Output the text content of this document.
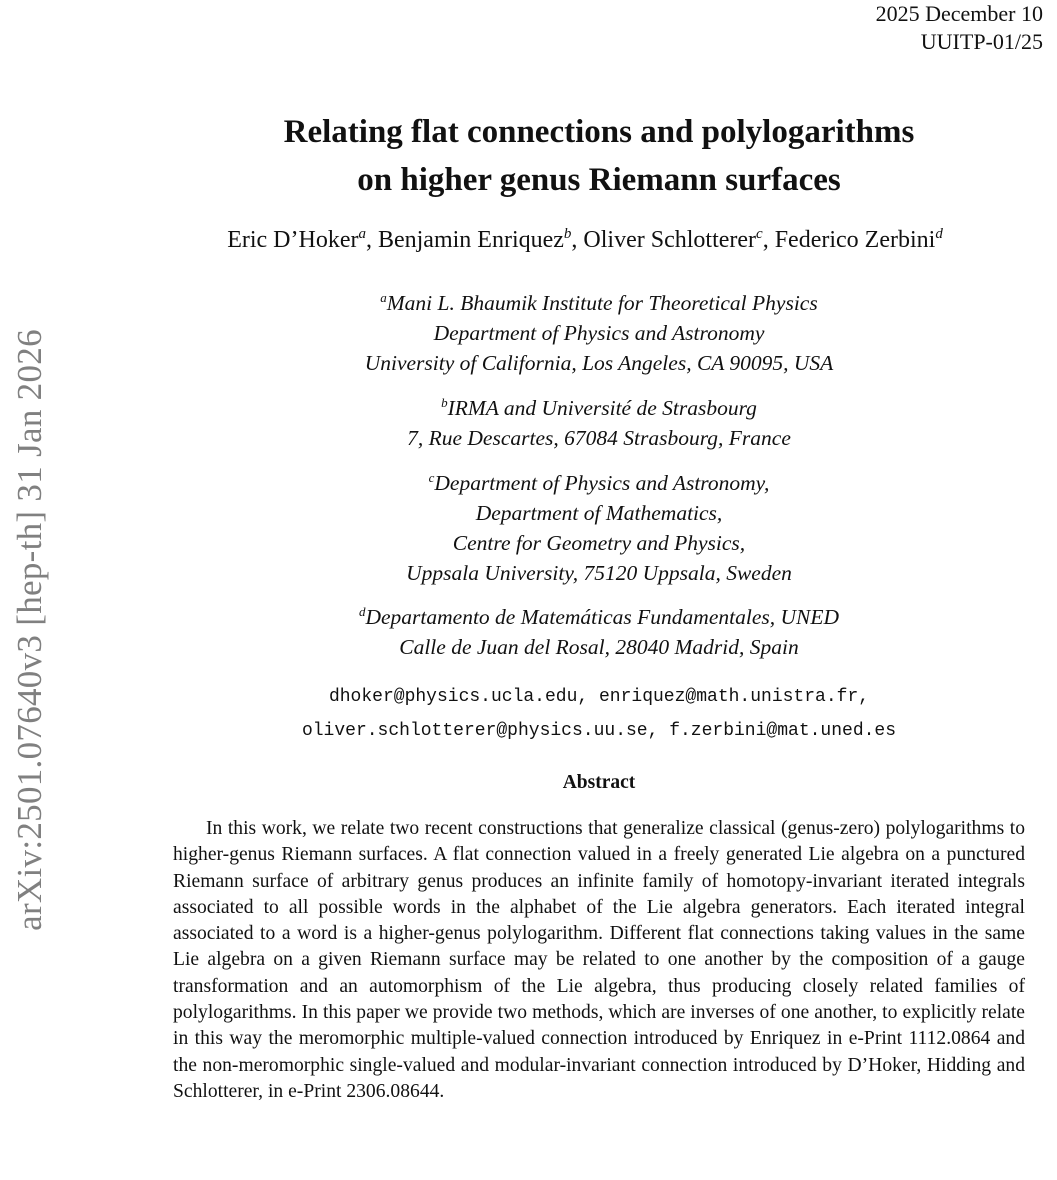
2025 December 10
UUITP-01/25
arXiv:2501.07640v3 [hep-th] 31 Jan 2026
Relating flat connections and polylogarithms
on higher genus Riemann surfaces
Eric D’Hoker$^a$, Benjamin Enriquez$^b$, Oliver Schlotterer$^c$, Federico Zerbini$^d$
$^a$Mani L. Bhaumik Institute for Theoretical Physics
Department of Physics and Astronomy
University of California, Los Angeles, CA 90095, USA
$^b$IRMA and Université de Strasbourg
7, Rue Descartes, 67084 Strasbourg, France
$^c$Department of Physics and Astronomy,
Department of Mathematics,
Centre for Geometry and Physics,
Uppsala University, 75120 Uppsala, Sweden
$^d$Departamento de Matemáticas Fundamentales, UNED
Calle de Juan del Rosal, 28040 Madrid, Spain
dhoker@physics.ucla.edu, enriquez@math.unistra.fr,
oliver.schlotterer@physics.uu.se, f.zerbini@mat.uned.es
Abstract
In this work, we relate two recent constructions that generalize classical (genus-zero) polylogarithms to higher-genus Riemann surfaces. A flat connection valued in a freely generated Lie algebra on a punctured Riemann surface of arbitrary genus produces an infinite family of homotopy-invariant iterated integrals associated to all possible words in the alphabet of the Lie algebra generators. Each iterated integral associated to a word is a higher-genus polylogarithm. Different flat connections taking values in the same Lie algebra on a given Riemann surface may be related to one another by the composition of a gauge transformation and an automorphism of the Lie algebra, thus producing closely related families of polylogarithms. In this paper we provide two methods, which are inverses of one another, to explicitly relate in this way the meromorphic multiple-valued connection introduced by Enriquez in e-Print 1112.0864 and the non-meromorphic single-valued and modular-invariant connection introduced by D’Hoker, Hidding and Schlotterer, in e-Print 2306.08644.
